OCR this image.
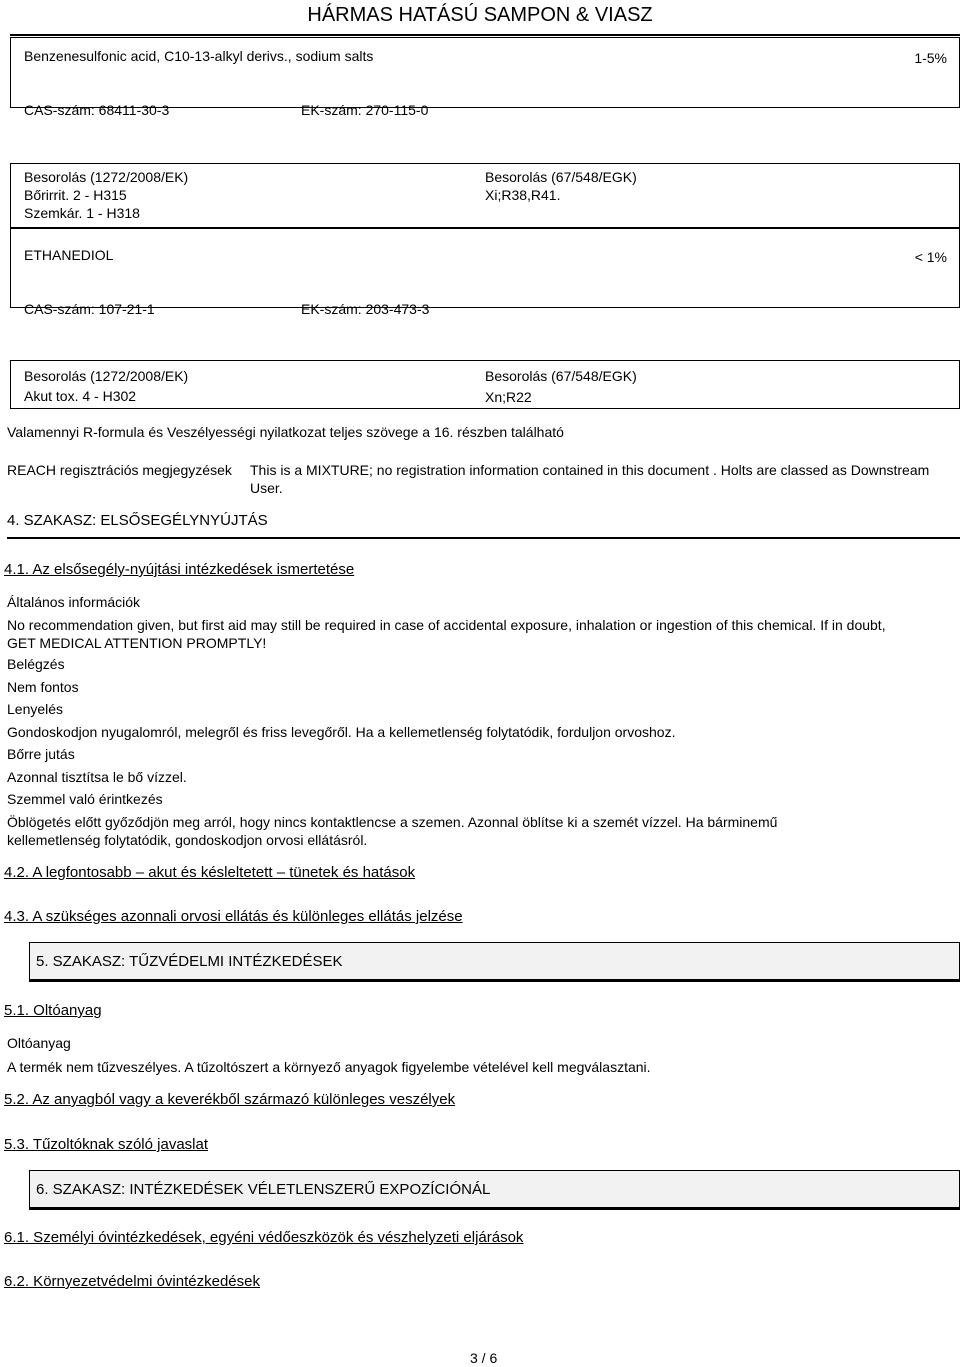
HÁRMAS HATÁSÚ SAMPON & VIASZ
Benzenesulfonic acid, C10-13-alkyl derivs., sodium salts	1-5%
CAS-szám: 68411-30-3	EK-szám: 270-115-0
Besorolás (1272/2008/EK)
Bőrirrit. 2 - H315
Szemkár. 1 - H318
Besorolás (67/548/EGK)
Xi;R38,R41.
ETHANEDIOL	< 1%
CAS-szám: 107-21-1	EK-szám: 203-473-3
Besorolás (1272/2008/EK)
Akut tox. 4 - H302
Besorolás (67/548/EGK)
Xn;R22
Valamennyi R-formula és Veszélyességi nyilatkozat teljes szövege a 16. részben található
REACH regisztrációs megjegyzések This is a MIXTURE; no registration information contained in this document . Holts are classed as Downstream User.
4. SZAKASZ: ELSŐSEGÉLYNYÚJTÁS
4.1. Az elsősegély-nyújtási intézkedések ismertetése
Általános információk
No recommendation given, but first aid may still be required in case of accidental exposure, inhalation or ingestion of this chemical. If in doubt, GET MEDICAL ATTENTION PROMPTLY!
Belégzés
Nem fontos
Lenyelés
Gondoskodjon nyugalomról, melegről és friss levegőről. Ha a kellemetlenség folytatódik, forduljon orvoshoz.
Bőrre jutás
Azonnal tisztítsa le bő vízzel.
Szemmel való érintkezés
Öblögetés előtt győződjön meg arról, hogy nincs kontaktlencse a szemen. Azonnal öblítse ki a szemét vízzel. Ha bárminemű kellemetlenség folytatódik, gondoskodjon orvosi ellátásról.
4.2. A legfontosabb – akut és késleltetett – tünetek és hatások
4.3. A szükséges azonnali orvosi ellátás és különleges ellátás jelzése
5. SZAKASZ: TŰZVÉDELMI INTÉZKEDÉSEK
5.1. Oltóanyag
Oltóanyag
A termék nem tűzveszélyes. A tűzoltószert a környező anyagok figyelembe vételével kell megválasztani.
5.2. Az anyagból vagy a keverékből származó különleges veszélyek
5.3. Tűzoltóknak szóló javaslat
6. SZAKASZ: INTÉZKEDÉSEK VÉLETLENSZERŰ EXPOZÍCIÓNÁL
6.1. Személyi óvintézkedések, egyéni védőeszközök és vészhelyzeti eljárások
6.2. Környezetvédelmi óvintézkedések
3 / 6
